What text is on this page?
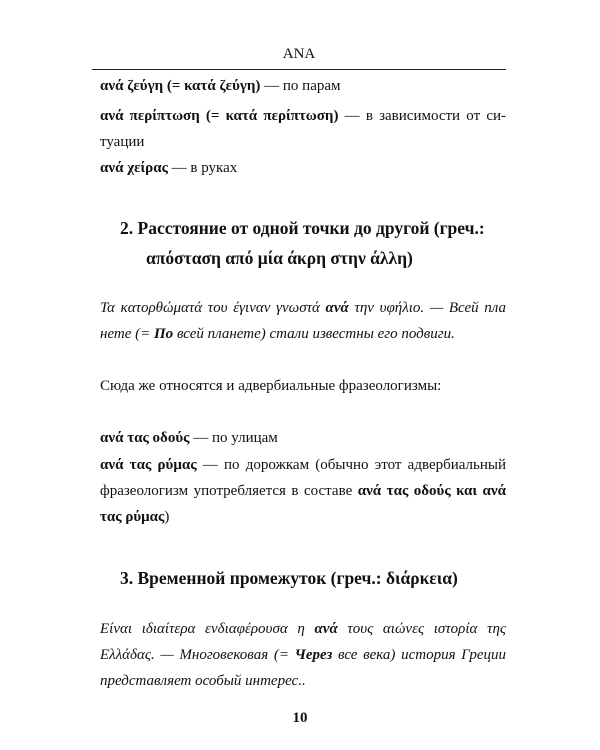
ΑΝΑ
ανά ζεύγη (= κατά ζεύγη) — по парам
ανά περίπτωση (= κατά περίπτωση) — в зависимости от си-
туации
ανά χείρας — в руках
2. Расстояние от одной точки до другой (греч.:
απόσταση από μία άκρη στην άλλη)
Τα κατορθώματά του έγιναν γνωστά ανά την υφήλιο. — Всей пла
нете (= По всей планете) стали известны его подвиги.
Сюда же относятся и адвербиальные фразеологизмы:
ανά τας οδούς — по улицам
ανά τας ρύμας — по дорожкам (обычно этот адвербиальный
фразеологизм употребляется в составе ανά τας οδούς και ανά
τας ρύμας)
3. Временной промежуток (греч.: διάρκεια)
Είναι ιδιαίτερα ενδιαφέρουσα η ανά τους αιώνες ιστορία της
Ελλάδας. — Многовековая (= Через все века) история Греции
представляет особый интерес..
10
